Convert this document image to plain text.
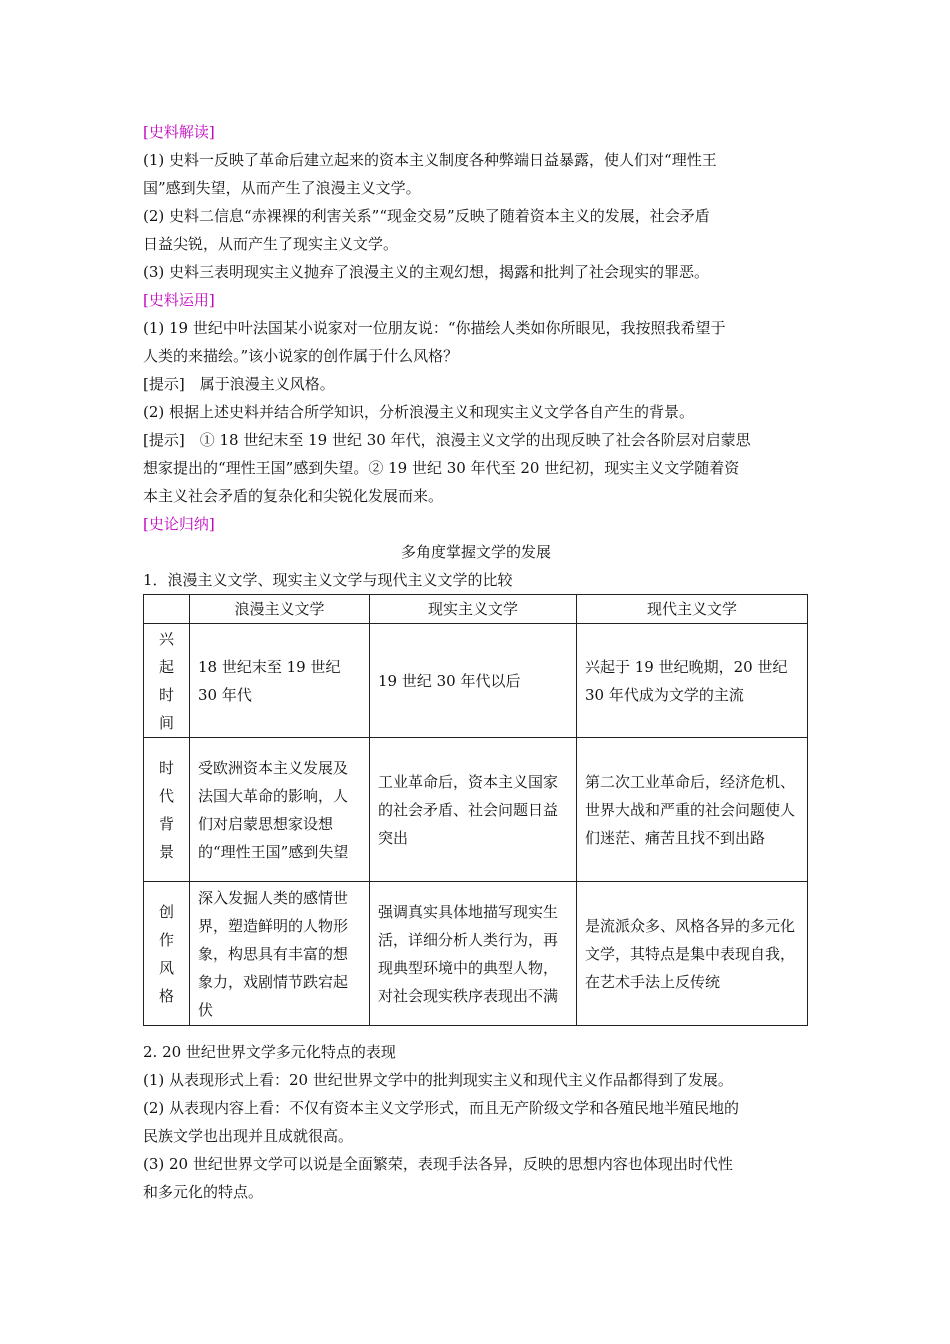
[史料解读]
(1) 史料一反映了革命后建立起来的资本主义制度各种弊端日益暴露，使人们对“理性王
国”感到失望，从而产生了浪漫主义文学。
(2) 史料二信息“赤裸裸的利害关系”“现金交易”反映了随着资本主义的发展，社会矛盾
日益尖锐，从而产生了现实主义文学。
(3) 史料三表明现实主义抛弃了浪漫主义的主观幻想，揭露和批判了社会现实的罪恶。
[史料运用]
(1) 19 世纪中叶法国某小说家对一位朋友说：“你描绘人类如你所眼见，我按照我希望于
人类的来描绘。”该小说家的创作属于什么风格？
[提示]　属于浪漫主义风格。
(2) 根据上述史料并结合所学知识，分析浪漫主义和现实主义文学各自产生的背景。
[提示]　① 18 世纪末至 19 世纪 30 年代，浪漫主义文学的出现反映了社会各阶层对启蒙思
想家提出的“理性王国”感到失望。② 19 世纪 30 年代至 20 世纪初，现实主义文学随着资
本主义社会矛盾的复杂化和尖锐化发展而来。
[史论归纳]
多角度掌握文学的发展
1．浪漫主义文学、现实主义文学与现代主义文学的比较
	浪漫主义文学	现实主义文学	现代主义文学
兴起时间	18 世纪末至 19 世纪 30 年代	19 世纪 30 年代以后	兴起于 19 世纪晚期，20 世纪 30 年代成为文学的主流
时代背景	受欧洲资本主义发展及法国大革命的影响，人们对启蒙思想家设想的“理性王国”感到失望	工业革命后，资本主义国家的社会矛盾、社会问题日益突出	第二次工业革命后，经济危机、世界大战和严重的社会问题使人们迷茫、痛苦且找不到出路
创作风格	深入发掘人类的感情世界，塑造鲜明的人物形象，构思具有丰富的想象力，戏剧情节跌宕起伏	强调真实具体地描写现实生活，详细分析人类行为，再现典型环境中的典型人物，对社会现实秩序表现出不满	是流派众多、风格各异的多元化文学，其特点是集中表现自我，在艺术手法上反传统
2. 20 世纪世界文学多元化特点的表现
(1) 从表现形式上看：20 世纪世界文学中的批判现实主义和现代主义作品都得到了发展。
(2) 从表现内容上看：不仅有资本主义文学形式，而且无产阶级文学和各殖民地半殖民地的
民族文学也出现并且成就很高。
(3) 20 世纪世界文学可以说是全面繁荣，表现手法各异，反映的思想内容也体现出时代性
和多元化的特点。
